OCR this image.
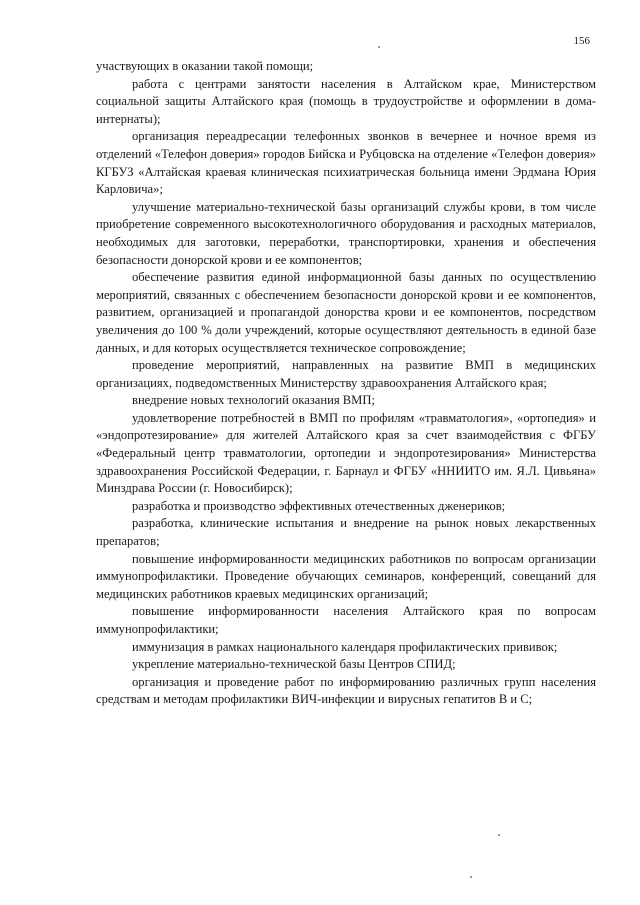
156

участвующих в оказании такой помощи;

работа с центрами занятости населения в Алтайском крае, Министерством социальной защиты Алтайского края (помощь в трудоустройстве и оформлении в дома-интернаты);

организация переадресации телефонных звонков в вечернее и ночное время из отделений «Телефон доверия» городов Бийска и Рубцовска на отделение «Телефон доверия» КГБУЗ «Алтайская краевая клиническая психиатрическая больница имени Эрдмана Юрия Карловича»;

улучшение материально-технической базы организаций службы крови, в том числе приобретение современного высокотехнологичного оборудования и расходных материалов, необходимых для заготовки, переработки, транспортировки, хранения и обеспечения безопасности донорской крови и ее компонентов;

обеспечение развития единой информационной базы данных по осуществлению мероприятий, связанных с обеспечением безопасности донорской крови и ее компонентов, развитием, организацией и пропагандой донорства крови и ее компонентов, посредством увеличения до 100 % доли учреждений, которые осуществляют деятельность в единой базе данных, и для которых осуществляется техническое сопровождение;

проведение мероприятий, направленных на развитие ВМП в медицинских организациях, подведомственных Министерству здравоохранения Алтайского края;

внедрение новых технологий оказания ВМП;

удовлетворение потребностей в ВМП по профилям «травматология», «ортопедия» и «эндопротезирование» для жителей Алтайского края за счет взаимодействия с ФГБУ «Федеральный центр травматологии, ортопедии и эндопротезирования» Министерства здравоохранения Российской Федерации, г. Барнаул и ФГБУ «ННИИТО им. Я.Л. Цивьяна» Минздрава России (г. Новосибирск);

разработка и производство эффективных отечественных дженериков;

разработка, клинические испытания и внедрение на рынок новых лекарственных препаратов;

повышение информированности медицинских работников по вопросам организации иммунопрофилактики. Проведение обучающих семинаров, конференций, совещаний для медицинских работников краевых медицинских организаций;

повышение информированности населения Алтайского края по вопросам иммунопрофилактики;

иммунизация в рамках национального календаря профилактических прививок;

укрепление материально-технической базы Центров СПИД;

организация и проведение работ по информированию различных групп населения средствам и методам профилактики ВИЧ-инфекции и вирусных гепатитов В и С;
